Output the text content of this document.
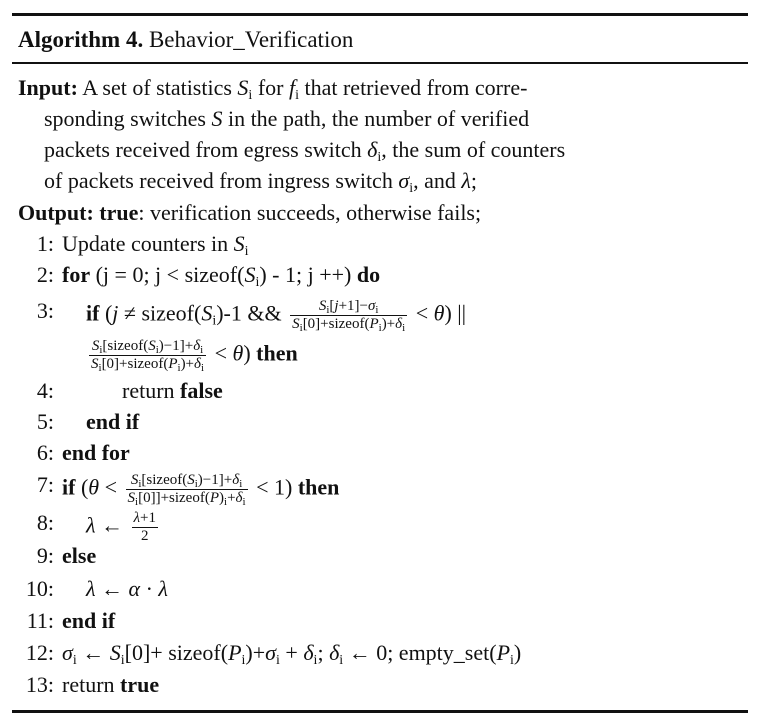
Algorithm 4. Behavior_Verification
Input: A set of statistics $S_i$ for $f_i$ that retrieved from corre-
sponding switches S in the path, the number of verified
packets received from egress switch $\delta_i$, the sum of counters
of packets received from ingress switch $\sigma_i$, and λ;
Output: true: verification succeeds, otherwise fails;
1: Update counters in $S_i$
2: for (j = 0; $j < sizeof(S_i) - 1$; j ++) do
3: if ($j \ne sizeof(S_i)-1$ && $\frac{S_i[j+1]-\sigma_i}{S_i[0]+sizeof(P_i)+\delta_i} < \theta$) ||
$\frac{S_i[sizeof(S_i)-1]+\delta_i}{S_i[0]+sizeof(P_i)+\delta_i} < \theta$) then
4:	return false
5: end if
6: end for
7: if $(\theta < \frac{S_i[sizeof(S_i)-1]+\delta_i}{S_i[0]]+sizeof(P)_i+\delta_i} < 1)$ then
8: λ ← $\frac{\lambda+1}{2}$
9: else
10: λ ← α · λ
11: end if
12: $\sigma_i$ ← $S_i[0]+$ $sizeof(P_i)+\sigma_i + \delta_i$; $\delta_i$ ← 0; $empty\_set(P_i)$
13: return true
